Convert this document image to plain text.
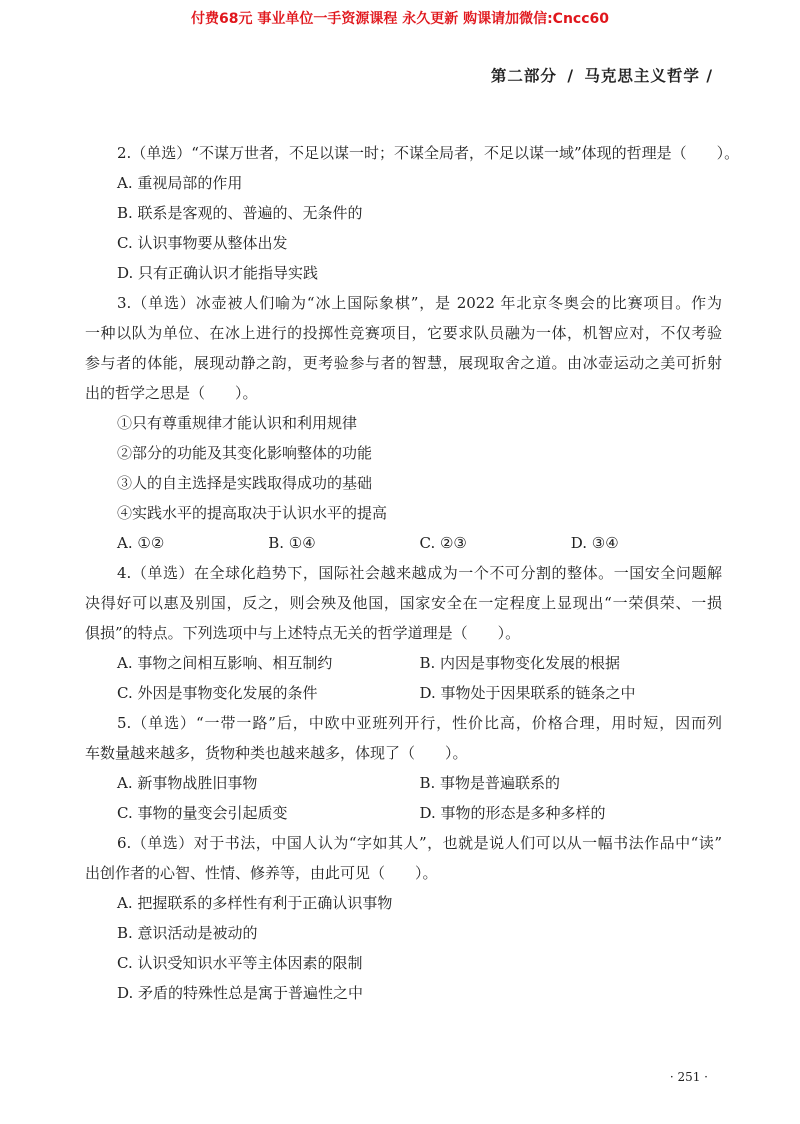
付费68元 事业单位一手资源课程 永久更新 购课请加微信:Cncc60
第二部分 / 马克思主义哲学 /
2.（单选）“不谋万世者，不足以谋一时；不谋全局者，不足以谋一域”体现的哲理是（　　）。
A. 重视局部的作用
B. 联系是客观的、普遍的、无条件的
C. 认识事物要从整体出发
D. 只有正确认识才能指导实践
3.（单选）冰壶被人们喻为“冰上国际象棋”，是 2022 年北京冬奥会的比赛项目。作为
一种以队为单位、在冰上进行的投掷性竞赛项目，它要求队员融为一体，机智应对，不仅考验
参与者的体能，展现动静之韵，更考验参与者的智慧，展现取舍之道。由冰壶运动之美可折射
出的哲学之思是（　　）。
①只有尊重规律才能认识和利用规律
②部分的功能及其变化影响整体的功能
③人的自主选择是实践取得成功的基础
④实践水平的提高取决于认识水平的提高
A. ①②	B. ①④	C. ②③	D. ③④
4.（单选）在全球化趋势下，国际社会越来越成为一个不可分割的整体。一国安全问题解
决得好可以惠及别国，反之，则会殃及他国，国家安全在一定程度上显现出“一荣俱荣、一损
俱损”的特点。下列选项中与上述特点无关的哲学道理是（　　）。
A. 事物之间相互影响、相互制约	B. 内因是事物变化发展的根据
C. 外因是事物变化发展的条件	D. 事物处于因果联系的链条之中
5.（单选）“一带一路”后，中欧中亚班列开行，性价比高，价格合理，用时短，因而列
车数量越来越多，货物种类也越来越多，体现了（　　）。
A. 新事物战胜旧事物	B. 事物是普遍联系的
C. 事物的量变会引起质变	D. 事物的形态是多种多样的
6.（单选）对于书法，中国人认为“字如其人”，也就是说人们可以从一幅书法作品中“读”
出创作者的心智、性情、修养等，由此可见（　　）。
A. 把握联系的多样性有利于正确认识事物
B. 意识活动是被动的
C. 认识受知识水平等主体因素的限制
D. 矛盾的特殊性总是寓于普遍性之中
· 251 ·
